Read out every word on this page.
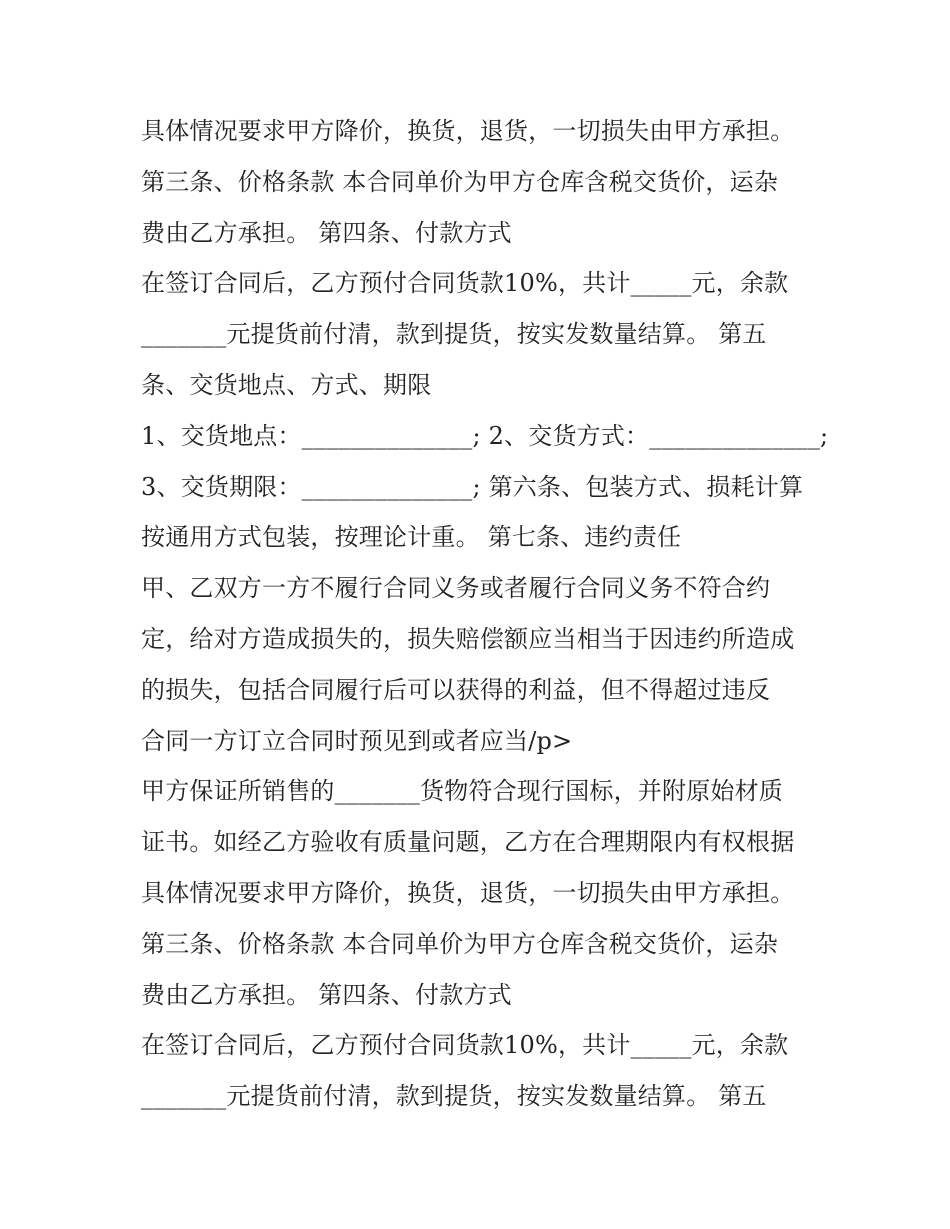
具体情况要求甲方降价，换货，退货，一切损失由甲方承担。
第三条、价格条款 本合同单价为甲方仓库含税交货价，运杂
费由乙方承担。 第四条、付款方式
在签订合同后，乙方预付合同货款10%，共计_____元，余款
_______元提货前付清，款到提货，按实发数量结算。 第五
条、交货地点、方式、期限
1、交货地点：______________; 2、交货方式：______________;
3、交货期限：______________; 第六条、包装方式、损耗计算
按通用方式包装，按理论计重。 第七条、违约责任
甲、乙双方一方不履行合同义务或者履行合同义务不符合约
定，给对方造成损失的，损失赔偿额应当相当于因违约所造成
的损失，包括合同履行后可以获得的利益，但不得超过违反
合同一方订立合同时预见到或者应当/p>
甲方保证所销售的_______货物符合现行国标，并附原始材质
证书。如经乙方验收有质量问题，乙方在合理期限内有权根据
具体情况要求甲方降价，换货，退货，一切损失由甲方承担。
第三条、价格条款 本合同单价为甲方仓库含税交货价，运杂
费由乙方承担。 第四条、付款方式
在签订合同后，乙方预付合同货款10%，共计_____元，余款
_______元提货前付清，款到提货，按实发数量结算。 第五
